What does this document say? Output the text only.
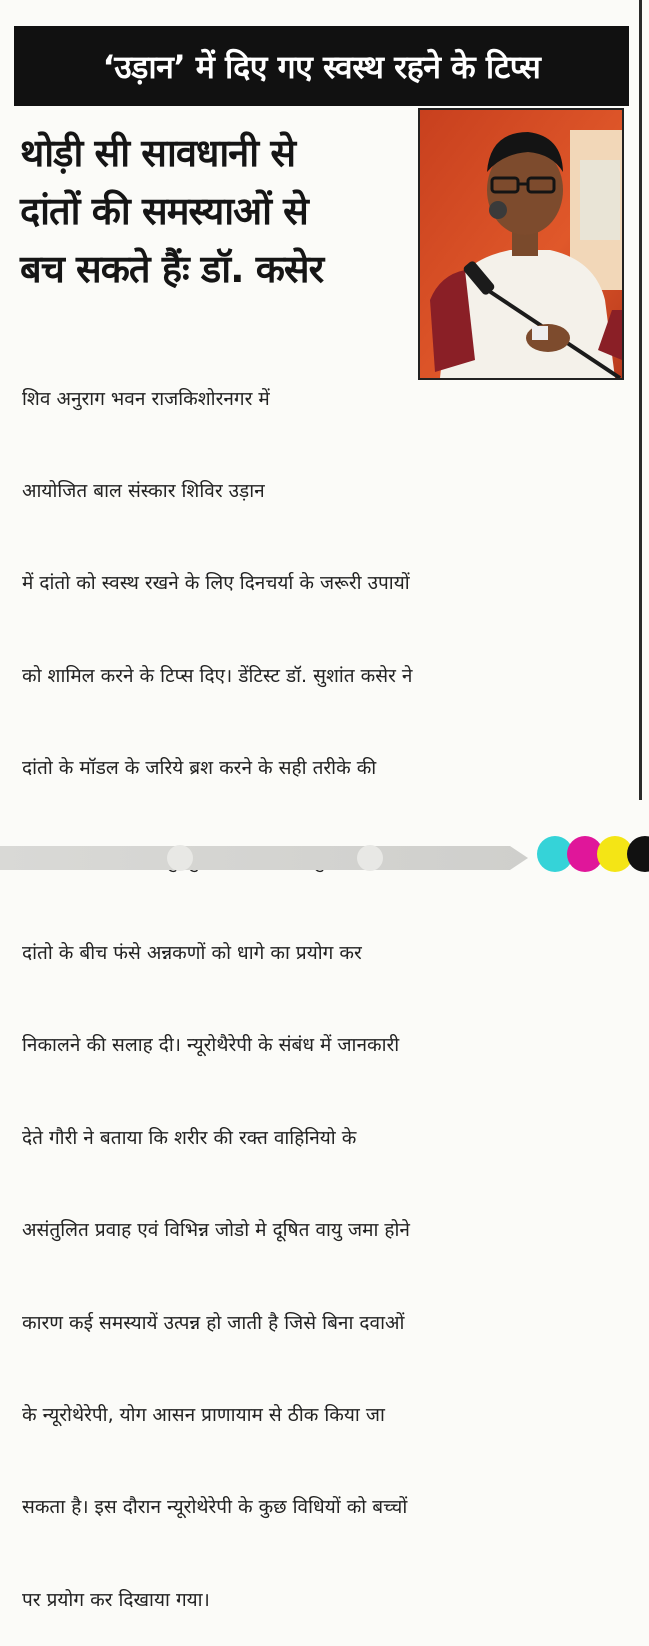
‘उड़ान’ में दिए गए स्वस्थ रहने के टिप्स
थोड़ी सी सावधानी से
दांतों की समस्याओं से
बच सकते हैंः डॉ. कसेर

शिव अनुराग भवन राजकिशोरनगर में

आयोजित बाल संस्कार शिविर उड़ान

में दांतो को स्वस्थ रखने के लिए दिनचर्या के जरूरी उपायों

को शामिल करने के टिप्स दिए। डेंटिस्ट डॉ. सुशांत कसेर ने

दांतो के मॉडल के जरिये ब्रश करने के सही तरीके की

दांतो के बीच फंसे अन्नकणों को धागे का प्रयोग कर

निकालने की सलाह दी। न्यूरोथैरेपी के संबंध में जानकारी

देते गौरी ने बताया कि शरीर की रक्त वाहिनियो के

असंतुलित प्रवाह एवं विभिन्न जोडो मे दूषित वायु जमा होने

कारण कई समस्यायें उत्पन्न हो जाती है जिसे बिना दवाओं

के न्यूरोथेरेपी, योग आसन प्राणायाम से ठीक किया जा

सकता है। इस दौरान न्यूरोथेरेपी के कुछ विधियों को बच्चों

पर प्रयोग कर दिखाया गया।
